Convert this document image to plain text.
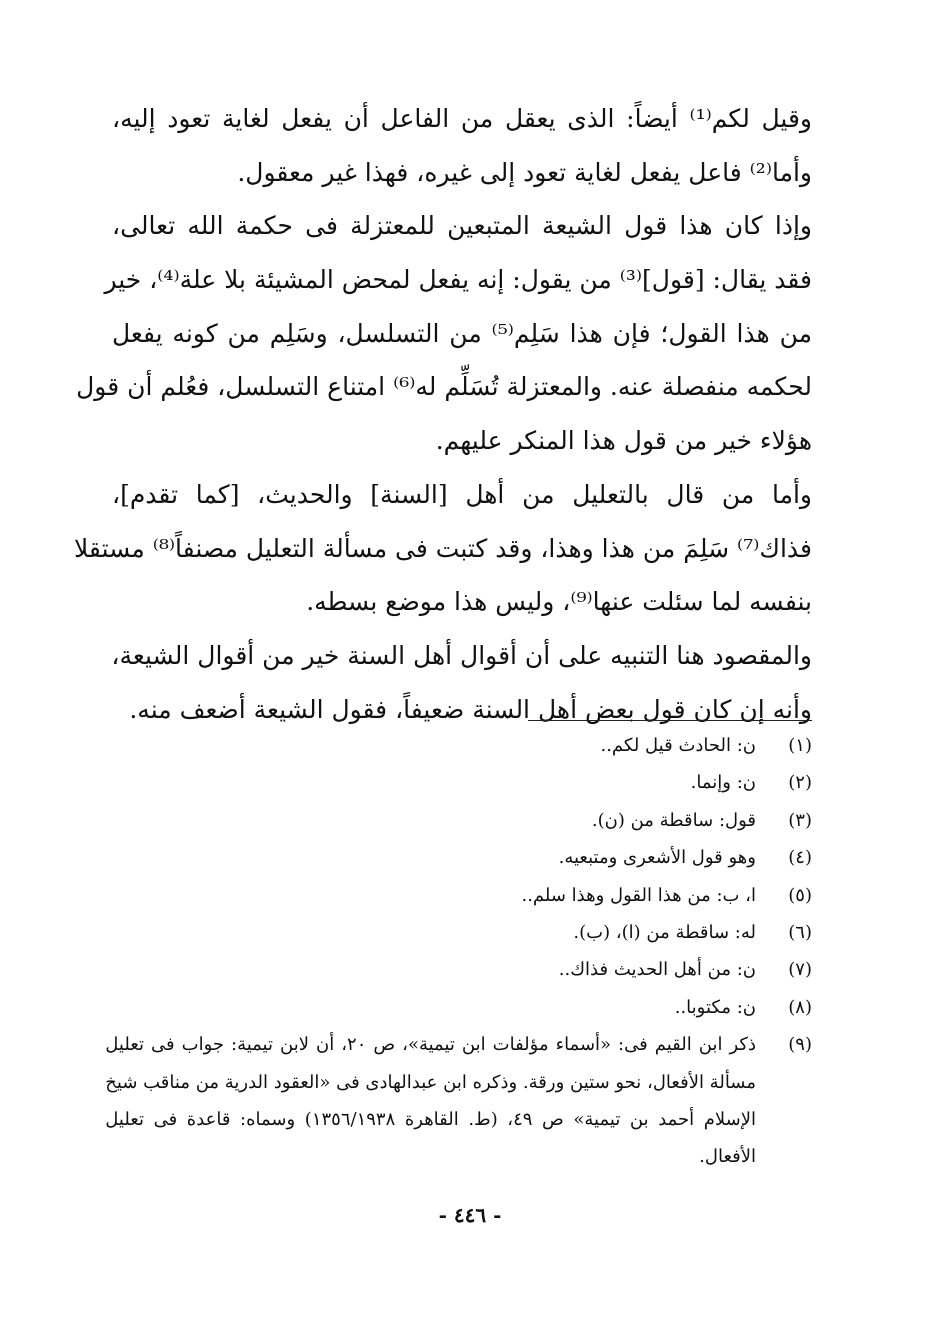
وقيل لكم⁽¹⁾ أيضاً: الذى يعقل من الفاعل أن يفعل لغاية تعود إليه،
وأما⁽²⁾ فاعل يفعل لغاية تعود إلى غيره، فهذا غير معقول.
وإذا كان هذا قول الشيعة المتبعين للمعتزلة فى حكمة الله تعالى،
فقد يقال: [قول]⁽³⁾ من يقول: إنه يفعل لمحض المشيئة بلا علة⁽⁴⁾، خير
من هذا القول؛ فإن هذا سَلِم⁽⁵⁾ من التسلسل، وسَلِم من كونه يفعل
لحكمه منفصلة عنه. والمعتزلة تُسَلِّم له⁽⁶⁾ امتناع التسلسل، فعُلم أن قول
هؤلاء خير من قول هذا المنكر عليهم.
وأما من قال بالتعليل من أهل [السنة] والحديث، [كما تقدم]،
فذاك⁽⁷⁾ سَلِمَ من هذا وهذا، وقد كتبت فى مسألة التعليل مصنفاً⁽⁸⁾ مستقلا
بنفسه لما سئلت عنها⁽⁹⁾، وليس هذا موضع بسطه.
والمقصود هنا التنبيه على أن أقوال أهل السنة خير من أقوال الشيعة،
وأنه إن كان قول بعض أهل السنة ضعيفاً، فقول الشيعة أضعف منه.
(١)
ن: الحادث قيل لكم..
(٢)
ن: وإنما.
(٣)
قول: ساقطة من (ن).
(٤)
وهو قول الأشعرى ومتبعيه.
(٥)
ا، ب: من هذا القول وهذا سلم..
(٦)
له: ساقطة من (ا)، (ب).
(٧)
ن: من أهل الحديث فذاك..
(٨)
ن: مكتوبا..
(٩)
ذكر ابن القيم فى: «أسماء مؤلفات ابن تيمية»، ص ٢٠، أن لابن تيمية: جواب فى تعليل
مسألة الأفعال، نحو ستين ورقة. وذكره ابن عبدالهادى فى «العقود الدرية من مناقب شيخ
الإسلام أحمد بن تيمية» ص ٤٩، (ط. القاهرة ١٣٥٦/١٩٣٨) وسماه: قاعدة فى تعليل
الأفعال.
- ٤٤٦ -
